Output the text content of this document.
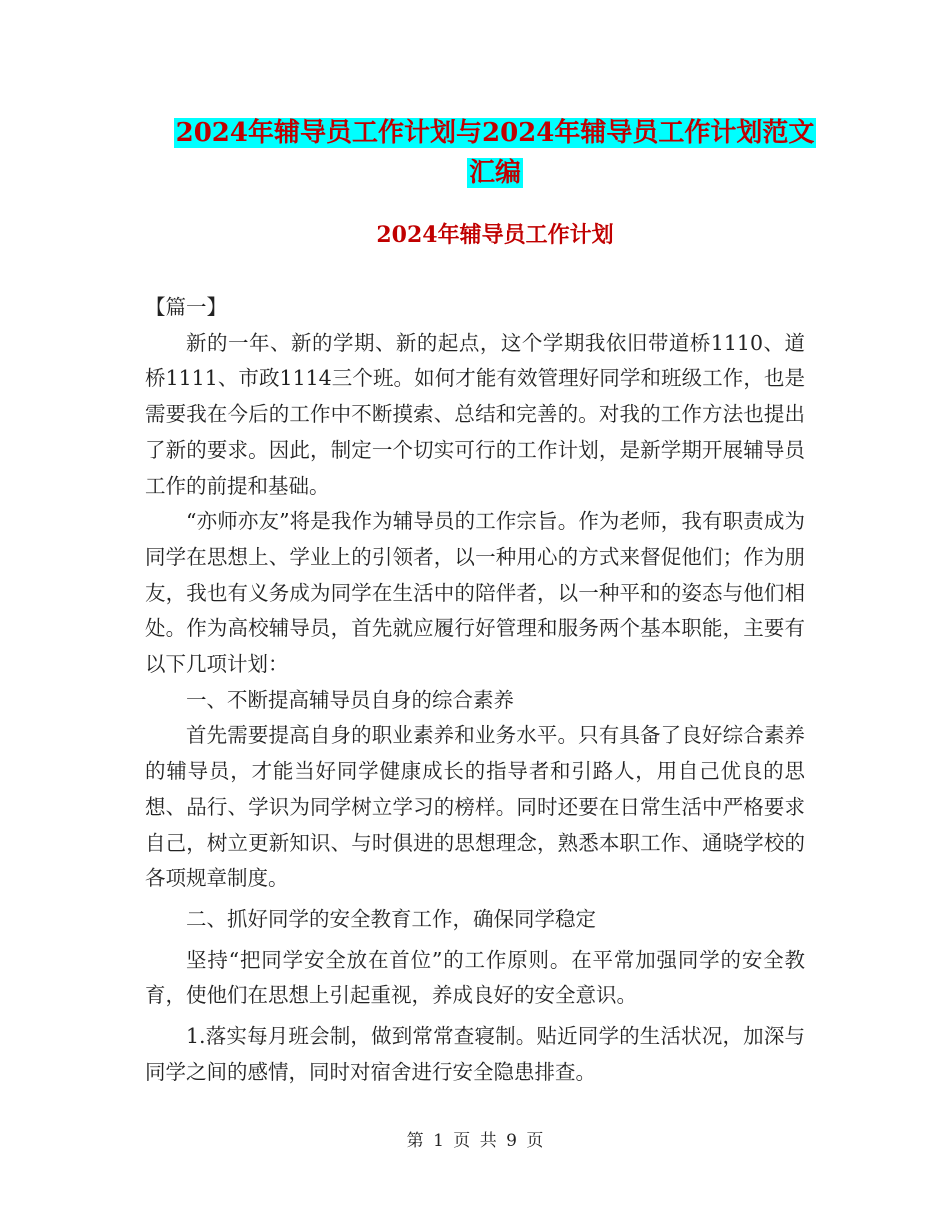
2024年辅导员工作计划与2024年辅导员工作计划范文
汇编
2024年辅导员工作计划

【篇一】

新的一年、新的学期、新的起点，这个学期我依旧带道桥1110、道桥1111、市政1114三个班。如何才能有效管理好同学和班级工作，也是需要我在今后的工作中不断摸索、总结和完善的。对我的工作方法也提出了新的要求。因此，制定一个切实可行的工作计划，是新学期开展辅导员工作的前提和基础。

“亦师亦友”将是我作为辅导员的工作宗旨。作为老师，我有职责成为同学在思想上、学业上的引领者，以一种用心的方式来督促他们；作为朋友，我也有义务成为同学在生活中的陪伴者，以一种平和的姿态与他们相处。作为高校辅导员，首先就应履行好管理和服务两个基本职能，主要有以下几项计划：

一、不断提高辅导员自身的综合素养

首先需要提高自身的职业素养和业务水平。只有具备了良好综合素养的辅导员，才能当好同学健康成长的指导者和引路人，用自己优良的思想、品行、学识为同学树立学习的榜样。同时还要在日常生活中严格要求自己，树立更新知识、与时俱进的思想理念，熟悉本职工作、通晓学校的各项规章制度。

二、抓好同学的安全教育工作，确保同学稳定

坚持“把同学安全放在首位”的工作原则。在平常加强同学的安全教育，使他们在思想上引起重视，养成良好的安全意识。

1.落实每月班会制，做到常常查寝制。贴近同学的生活状况，加深与同学之间的感情，同时对宿舍进行安全隐患排查。

第 1 页 共 9 页
